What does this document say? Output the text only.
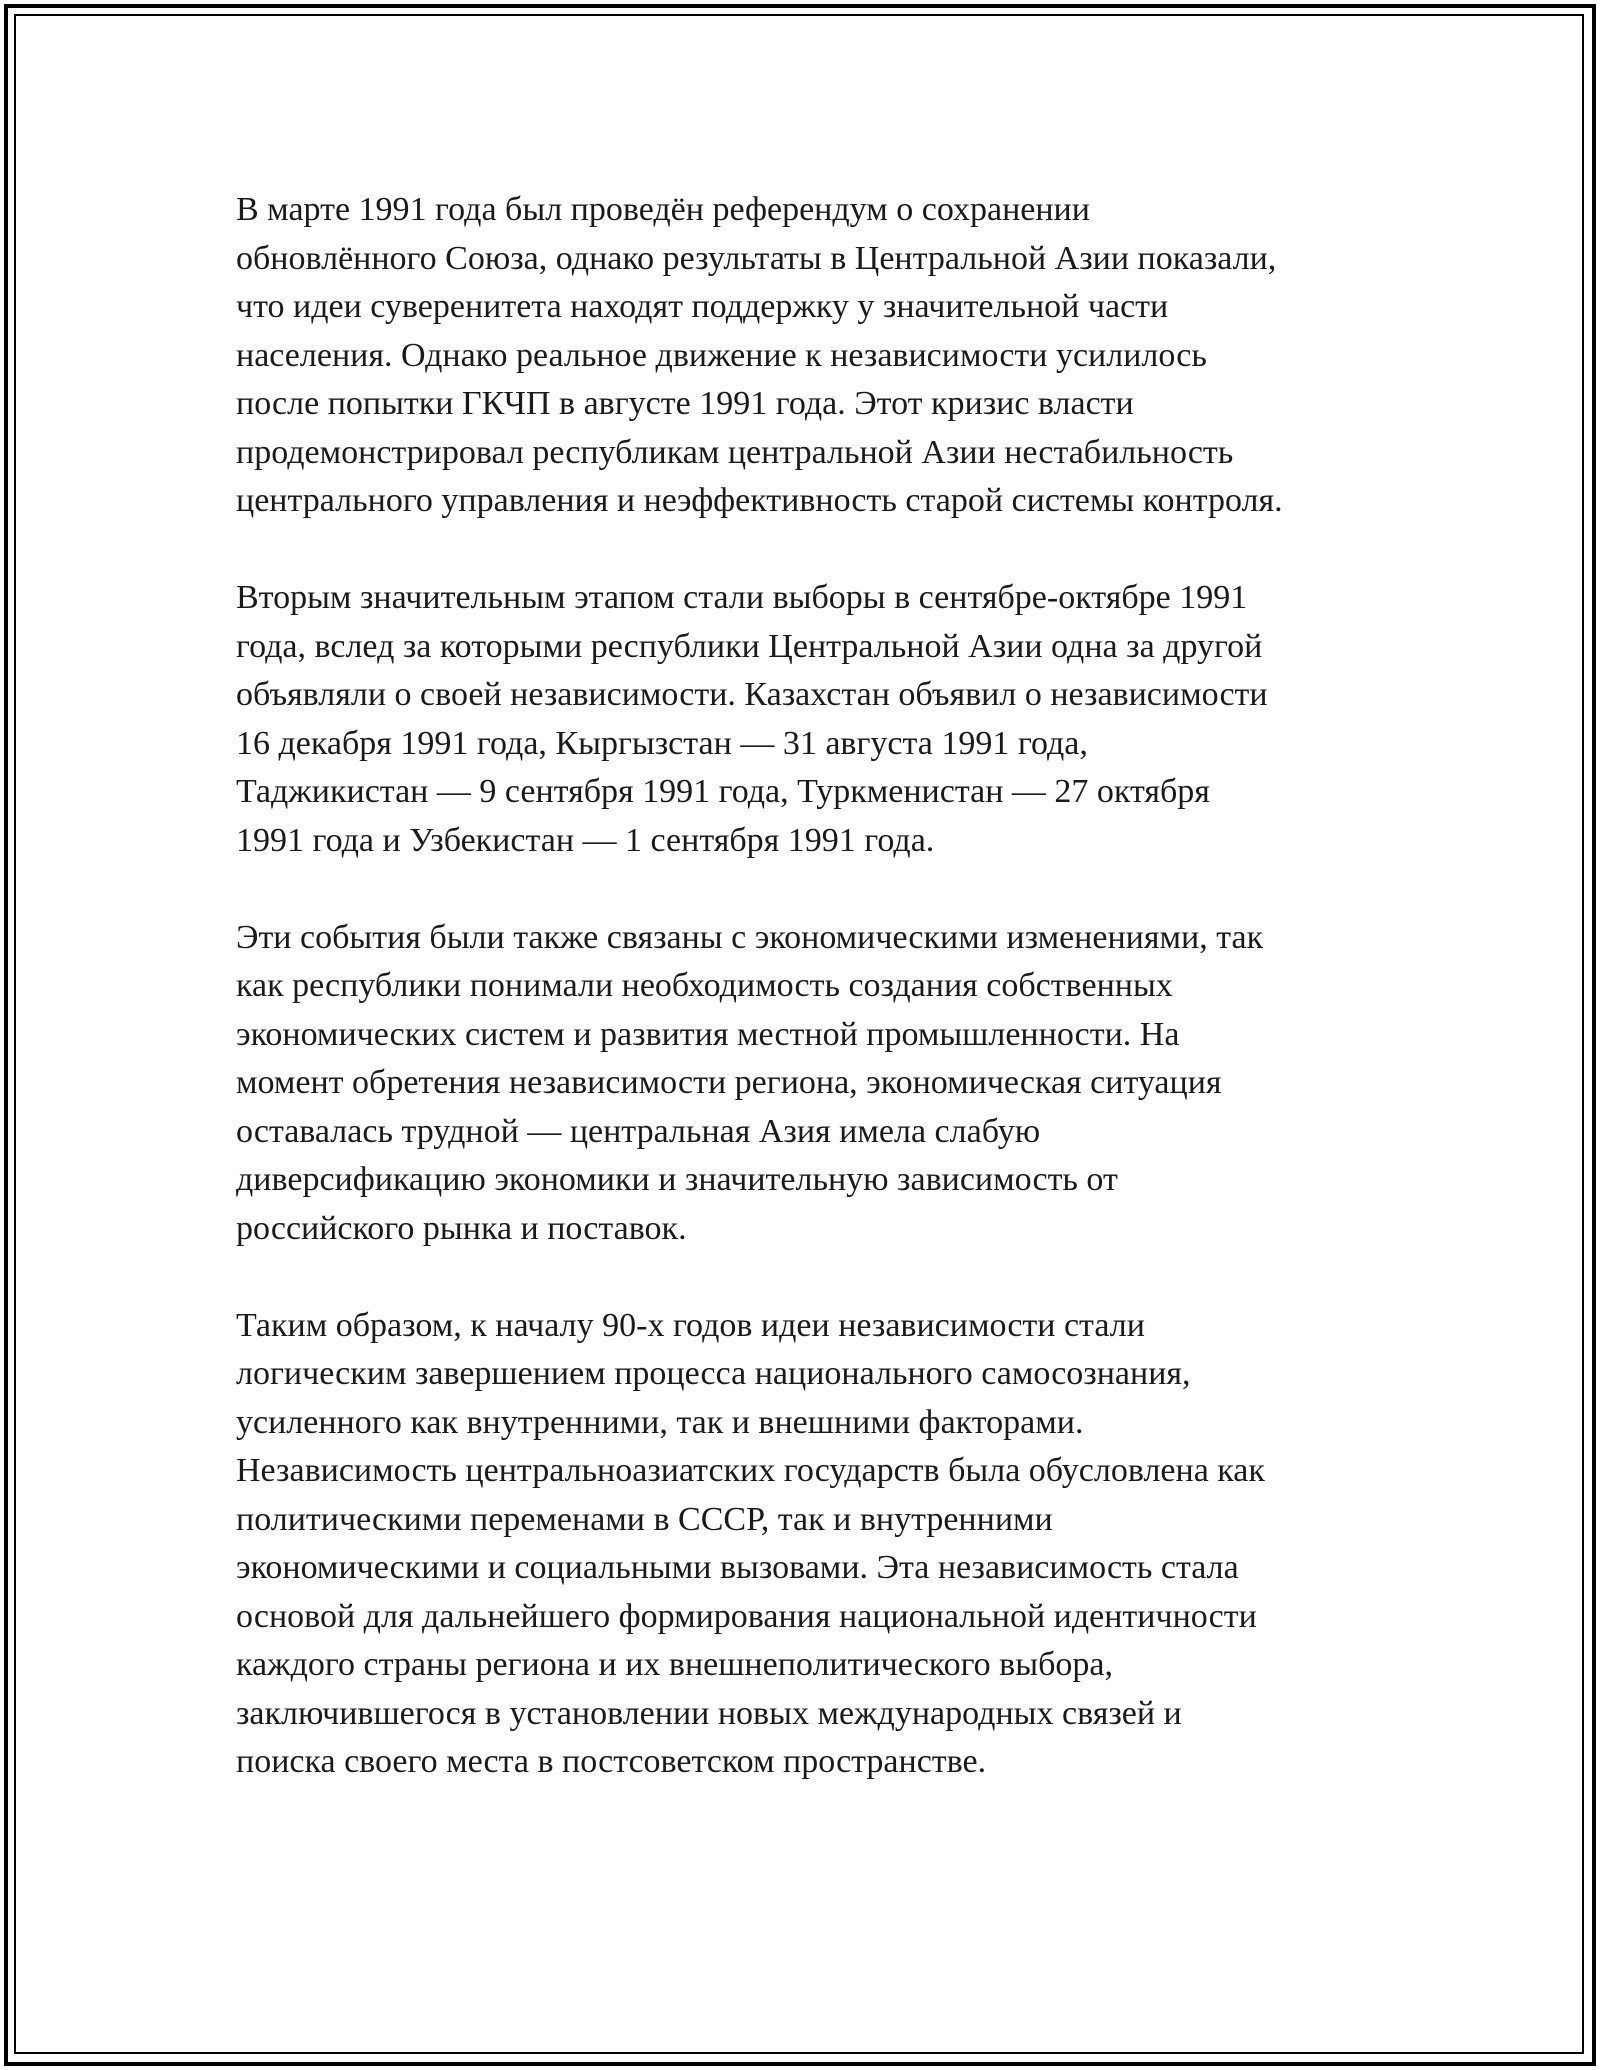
В марте 1991 года был проведён референдум о сохранении
обновлённого Союза, однако результаты в Центральной Азии показали,
что идеи суверенитета находят поддержку у значительной части
населения. Однако реальное движение к независимости усилилось
после попытки ГКЧП в августе 1991 года. Этот кризис власти
продемонстрировал республикам центральной Азии нестабильность
центрального управления и неэффективность старой системы контроля.

Вторым значительным этапом стали выборы в сентябре-октябре 1991
года, вслед за которыми республики Центральной Азии одна за другой
объявляли о своей независимости. Казахстан объявил о независимости
16 декабря 1991 года, Кыргызстан — 31 августа 1991 года,
Таджикистан — 9 сентября 1991 года, Туркменистан — 27 октября
1991 года и Узбекистан — 1 сентября 1991 года.

Эти события были также связаны с экономическими изменениями, так
как республики понимали необходимость создания собственных
экономических систем и развития местной промышленности. На
момент обретения независимости региона, экономическая ситуация
оставалась трудной — центральная Азия имела слабую
диверсификацию экономики и значительную зависимость от
российского рынка и поставок.

Таким образом, к началу 90-х годов идеи независимости стали
логическим завершением процесса национального самосознания,
усиленного как внутренними, так и внешними факторами.
Независимость центральноазиатских государств была обусловлена как
политическими переменами в СССР, так и внутренними
экономическими и социальными вызовами. Эта независимость стала
основой для дальнейшего формирования национальной идентичности
каждого страны региона и их внешнеполитического выбора,
заключившегося в установлении новых международных связей и
поиска своего места в постсоветском пространстве.
